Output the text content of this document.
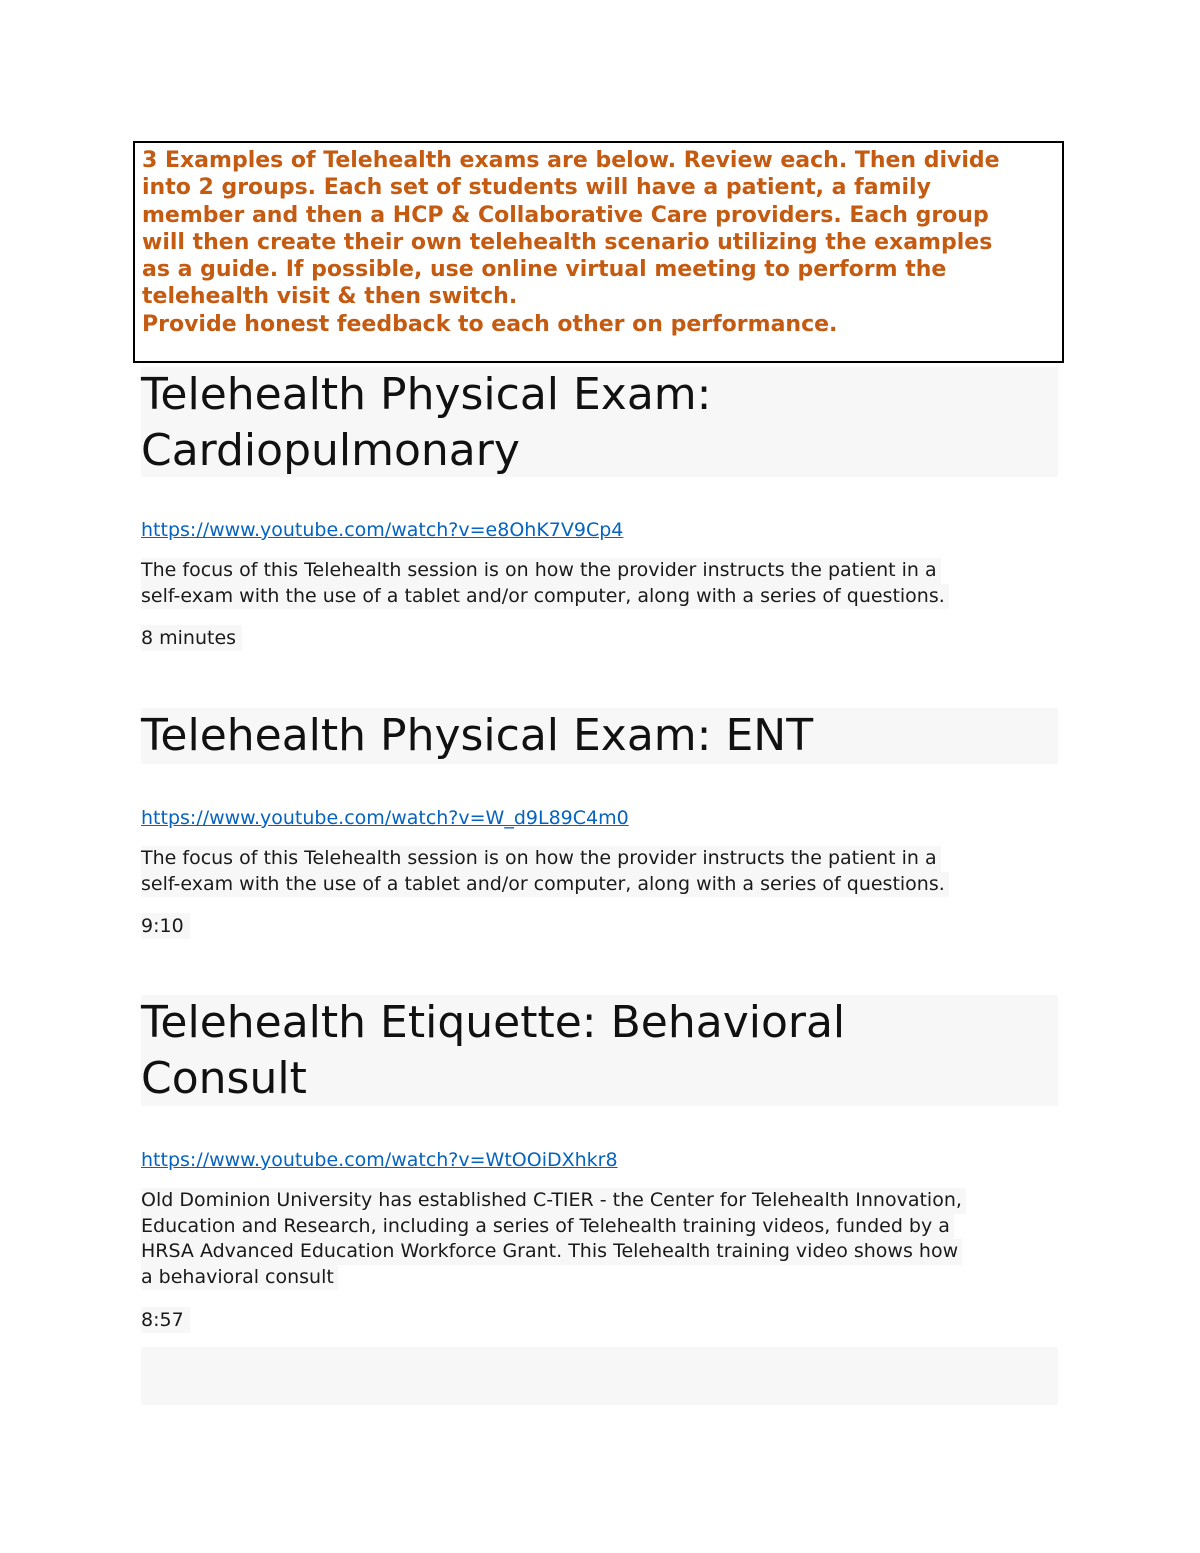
3 Examples of Telehealth exams are below. Review each. Then divide
into 2 groups. Each set of students will have a patient, a family
member and then a HCP & Collaborative Care providers. Each group
will then create their own telehealth scenario utilizing the examples
as a guide. If possible, use online virtual meeting to perform the
telehealth visit & then switch.
Provide honest feedback to each other on performance.

Telehealth Physical Exam:
Cardiopulmonary
https://www.youtube.com/watch?v=e8OhK7V9Cp4

The focus of this Telehealth session is on how the provider instructs the patient in a
self-exam with the use of a tablet and/or computer, along with a series of questions.

8 minutes
Telehealth Physical Exam: ENT
https://www.youtube.com/watch?v=W_d9L89C4m0

The focus of this Telehealth session is on how the provider instructs the patient in a
self-exam with the use of a tablet and/or computer, along with a series of questions.

9:10
Telehealth Etiquette: Behavioral
Consult
https://www.youtube.com/watch?v=WtOOiDXhkr8

Old Dominion University has established C-TIER - the Center for Telehealth Innovation,
Education and Research, including a series of Telehealth training videos, funded by a
HRSA Advanced Education Workforce Grant. This Telehealth training video shows how
a behavioral consult

8:57
